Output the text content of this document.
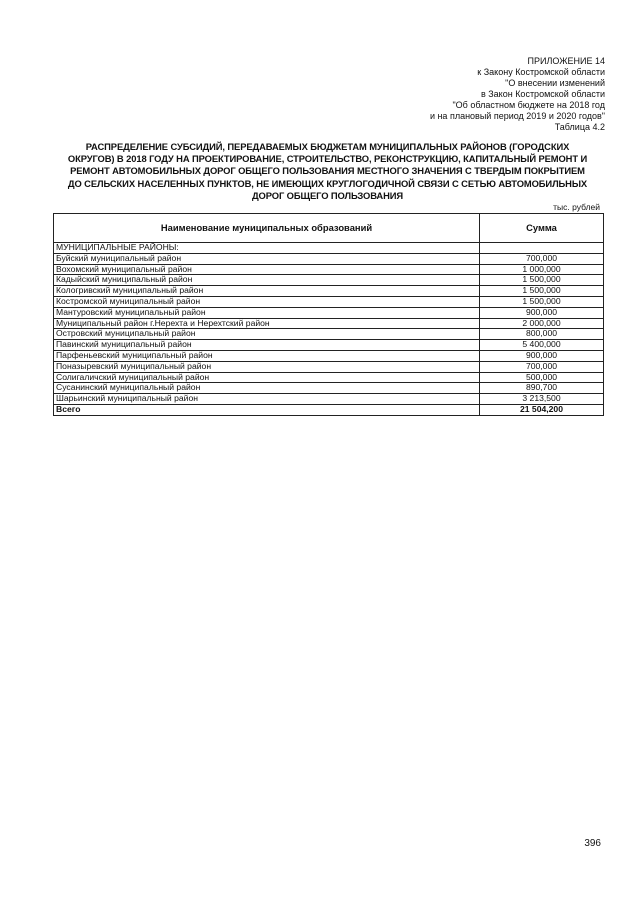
ПРИЛОЖЕНИЕ 14
к Закону Костромской области
"О внесении изменений
в Закон Костромской области
"Об областном бюджете на 2018 год
и на плановый период 2019 и 2020 годов"
Таблица 4.2
РАСПРЕДЕЛЕНИЕ СУБСИДИЙ, ПЕРЕДАВАЕМЫХ БЮДЖЕТАМ МУНИЦИПАЛЬНЫХ РАЙОНОВ (ГОРОДСКИХ
ОКРУГОВ) В 2018 ГОДУ НА ПРОЕКТИРОВАНИЕ, СТРОИТЕЛЬСТВО, РЕКОНСТРУКЦИЮ, КАПИТАЛЬНЫЙ РЕМОНТ И
РЕМОНТ АВТОМОБИЛЬНЫХ ДОРОГ ОБЩЕГО ПОЛЬЗОВАНИЯ МЕСТНОГО ЗНАЧЕНИЯ С ТВЕРДЫМ ПОКРЫТИЕМ
ДО СЕЛЬСКИХ НАСЕЛЕННЫХ ПУНКТОВ, НЕ ИМЕЮЩИХ КРУГЛОГОДИЧНОЙ СВЯЗИ С СЕТЬЮ АВТОМОБИЛЬНЫХ
ДОРОГ ОБЩЕГО ПОЛЬЗОВАНИЯ
тыс. рублей
Наименование муниципальных образований	Сумма
МУНИЦИПАЛЬНЫЕ РАЙОНЫ:	
Буйский муниципальный район	700,000
Вохомский муниципальный район	1 000,000
Кадыйский муниципальный район	1 500,000
Кологривский муниципальный район	1 500,000
Костромской муниципальный район	1 500,000
Мантуровский муниципальный район	900,000
Муниципальный район г.Нерехта и Нерехтский район	2 000,000
Островский муниципальный район	800,000
Павинский муниципальный район	5 400,000
Парфеньевский муниципальный район	900,000
Поназыревский муниципальный район	700,000
Солигаличский муниципальный район	500,000
Сусанинский муниципальный район	890,700
Шарьинский муниципальный район	3 213,500
Всего	21 504,200
396
